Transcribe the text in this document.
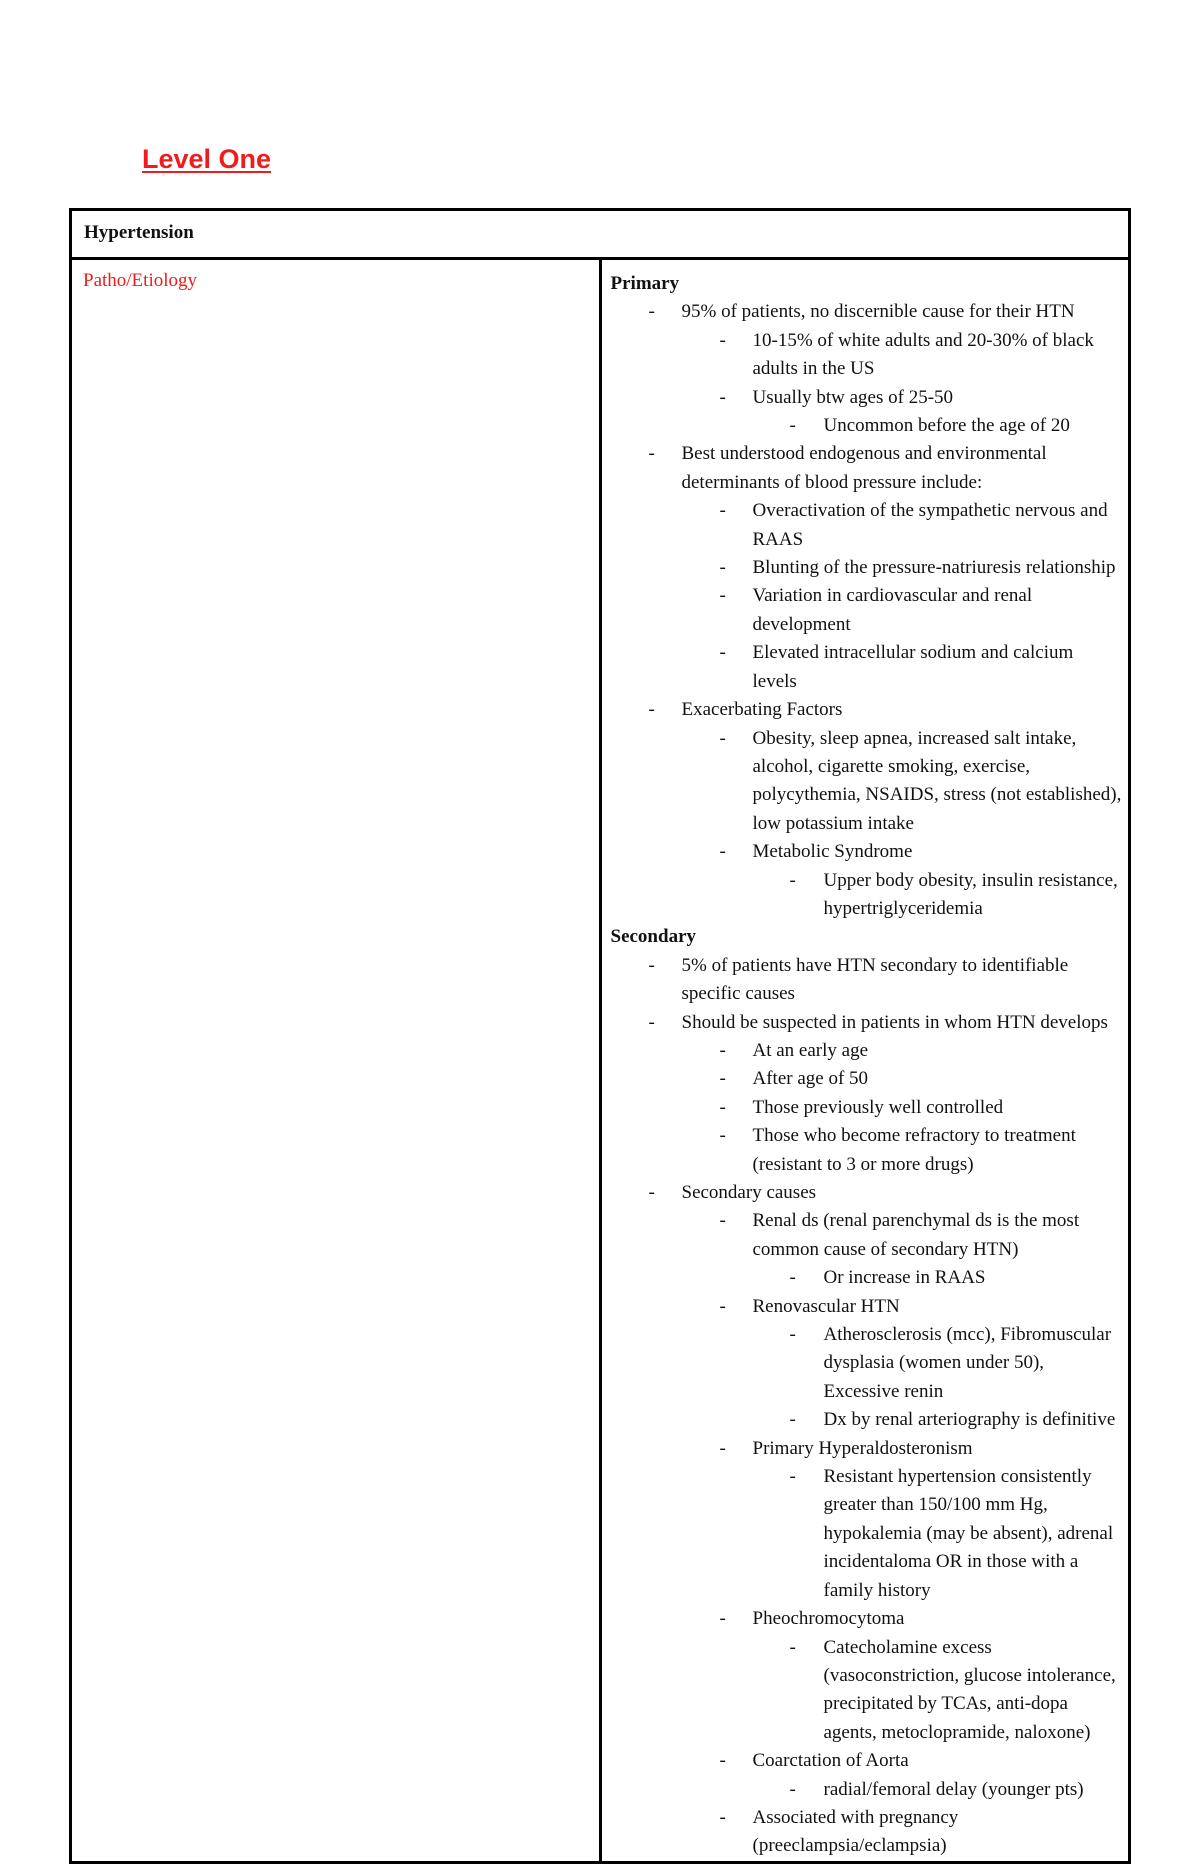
Level One
Hypertension
Patho/Etiology	Primary
- 95% of patients, no discernible cause for their HTN
- 10-15% of white adults and 20-30% of black adults in the US
- Usually btw ages of 25-50
- Uncommon before the age of 20
- Best understood endogenous and environmental determinants of blood pressure include:
- Overactivation of the sympathetic nervous and RAAS
- Blunting of the pressure-natriuresis relationship
- Variation in cardiovascular and renal development
- Elevated intracellular sodium and calcium levels
- Exacerbating Factors
- Obesity, sleep apnea, increased salt intake, alcohol, cigarette smoking, exercise, polycythemia, NSAIDS, stress (not established), low potassium intake
- Metabolic Syndrome
- Upper body obesity, insulin resistance, hypertriglyceridemia
Secondary
- 5% of patients have HTN secondary to identifiable specific causes
- Should be suspected in patients in whom HTN develops
- At an early age
- After age of 50
- Those previously well controlled
- Those who become refractory to treatment (resistant to 3 or more drugs)
- Secondary causes
- Renal ds (renal parenchymal ds is the most common cause of secondary HTN)
- Or increase in RAAS
- Renovascular HTN
- Atherosclerosis (mcc), Fibromuscular dysplasia (women under 50), Excessive renin
- Dx by renal arteriography is definitive
- Primary Hyperaldosteronism
- Resistant hypertension consistently greater than 150/100 mm Hg, hypokalemia (may be absent), adrenal incidentaloma OR in those with a family history
- Pheochromocytoma
- Catecholamine excess (vasoconstriction, glucose intolerance, precipitated by TCAs, anti-dopa agents, metoclopramide, naloxone)
- Coarctation of Aorta
- radial/femoral delay (younger pts)
- Associated with pregnancy (preeclampsia/eclampsia)
